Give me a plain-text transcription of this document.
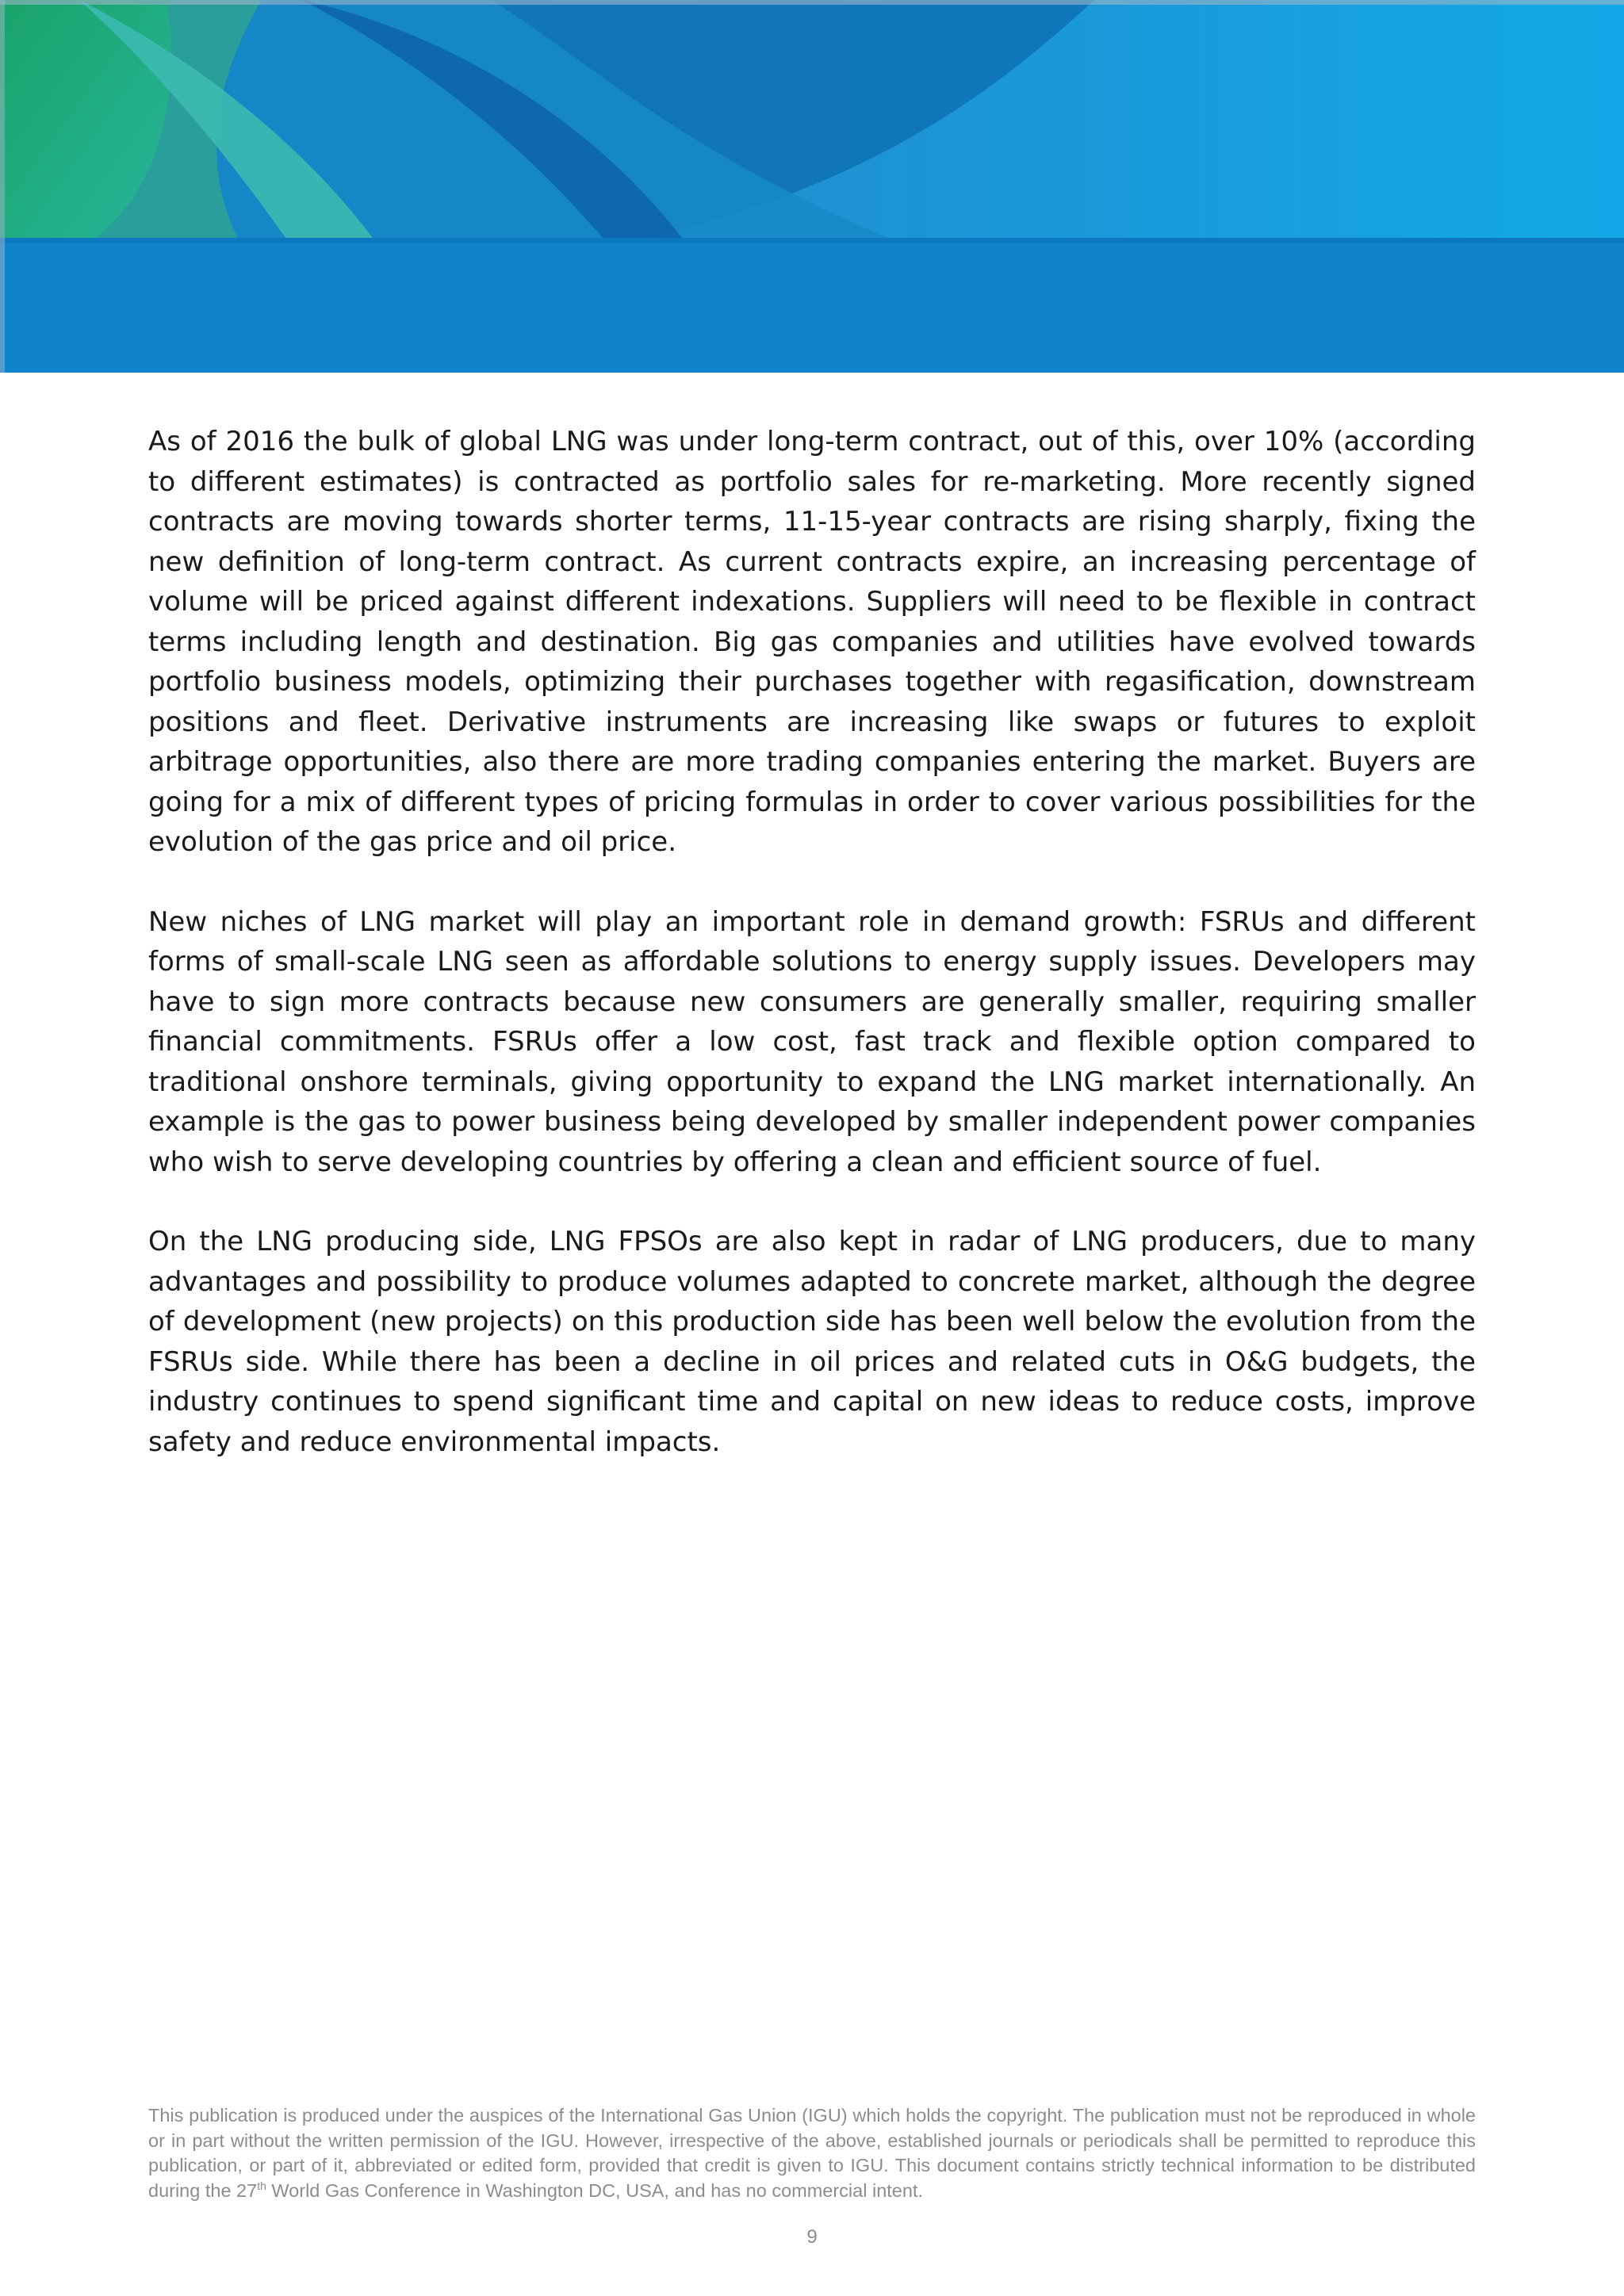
As of 2016 the bulk of global LNG was under long-term contract, out of this, over 10% (according to different estimates) is contracted as portfolio sales for re-marketing. More recently signed contracts are moving towards shorter terms, 11-15-year contracts are rising sharply, fixing the new definition of long-term contract. As current contracts expire, an increasing percentage of volume will be priced against different indexations. Suppliers will need to be flexible in contract terms including length and destination. Big gas companies and utilities have evolved towards portfolio business models, optimizing their purchases together with regasification, downstream positions and fleet. Derivative instruments are increasing like swaps or futures to exploit arbitrage opportunities, also there are more trading companies entering the market. Buyers are going for a mix of different types of pricing formulas in order to cover various possibilities for the evolution of the gas price and oil price.

New niches of LNG market will play an important role in demand growth: FSRUs and different forms of small-scale LNG seen as affordable solutions to energy supply issues. Developers may have to sign more contracts because new consumers are generally smaller, requiring smaller financial commitments. FSRUs offer a low cost, fast track and flexible option compared to traditional onshore terminals, giving opportunity to expand the LNG market internationally. An example is the gas to power business being developed by smaller independent power companies who wish to serve developing countries by offering a clean and efficient source of fuel.

On the LNG producing side, LNG FPSOs are also kept in radar of LNG producers, due to many advantages and possibility to produce volumes adapted to concrete market, although the degree of development (new projects) on this production side has been well below the evolution from the FSRUs side. While there has been a decline in oil prices and related cuts in O&G budgets, the industry continues to spend significant time and capital on new ideas to reduce costs, improve safety and reduce environmental impacts.

This publication is produced under the auspices of the International Gas Union (IGU) which holds the copyright. The publication must not be reproduced in whole or in part without the written permission of the IGU. However, irrespective of the above, established journals or periodicals shall be permitted to reproduce this publication, or part of it, abbreviated or edited form, provided that credit is given to IGU. This document contains strictly technical information to be distributed during the 27th World Gas Conference in Washington DC, USA, and has no commercial intent.
9
